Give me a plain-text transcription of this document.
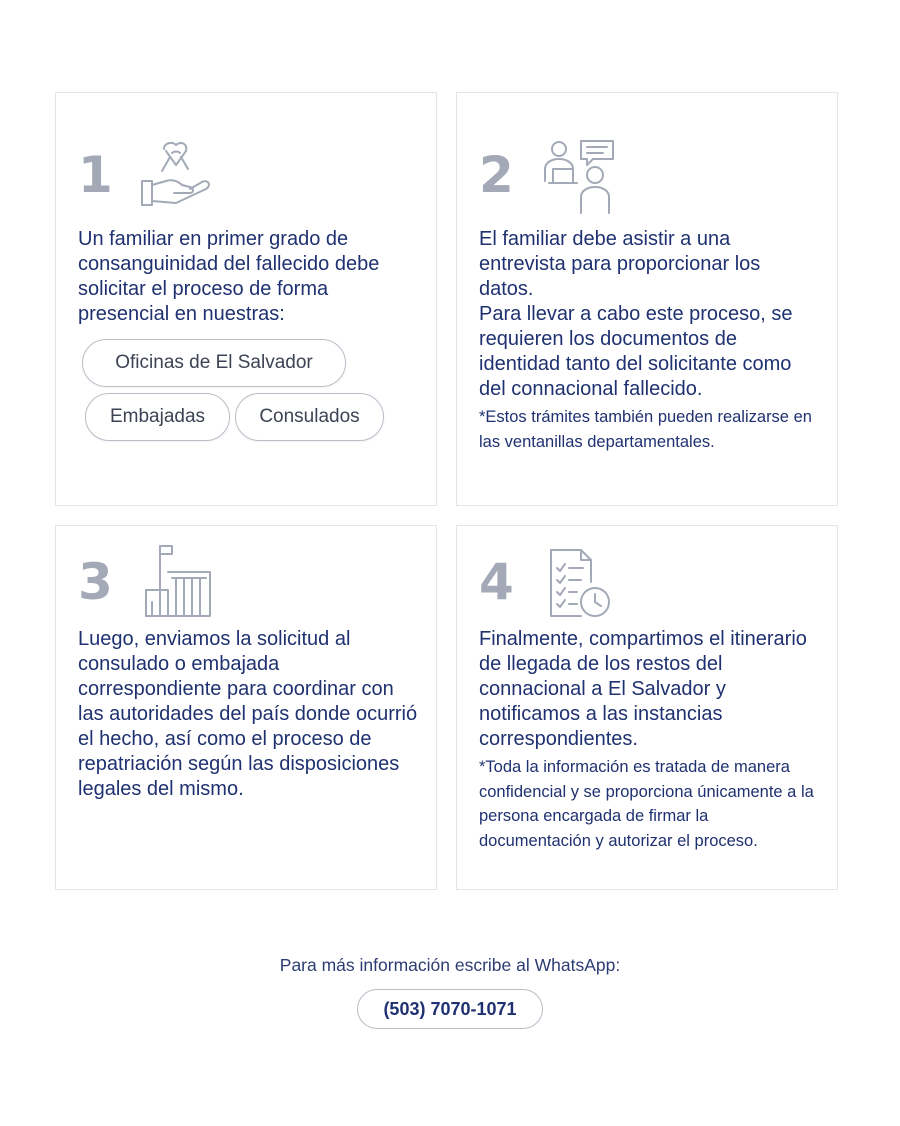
1

Un familiar en primer grado de consanguinidad del fallecido debe solicitar el proceso de forma presencial en nuestras:

Oficinas de El Salvador
Embajadas	Consulados
2

El familiar debe asistir a una entrevista para proporcionar los datos.

Para llevar a cabo este proceso, se requieren los documentos de identidad tanto del solicitante como del connacional fallecido.

*Estos trámites también pueden realizarse en las ventanillas departamentales.

3

Luego, enviamos la solicitud al consulado o embajada correspondiente para coordinar con las autoridades del país donde ocurrió el hecho, así como el proceso de repatriación según las disposiciones legales del mismo.

4

Finalmente, compartimos el itinerario de llegada de los restos del connacional a El Salvador y notificamos a las instancias correspondientes.

*Toda la información es tratada de manera confidencial y se proporciona únicamente a la persona encargada de firmar la documentación y autorizar el proceso.

Para más información escribe al WhatsApp:
(503) 7070-1071
